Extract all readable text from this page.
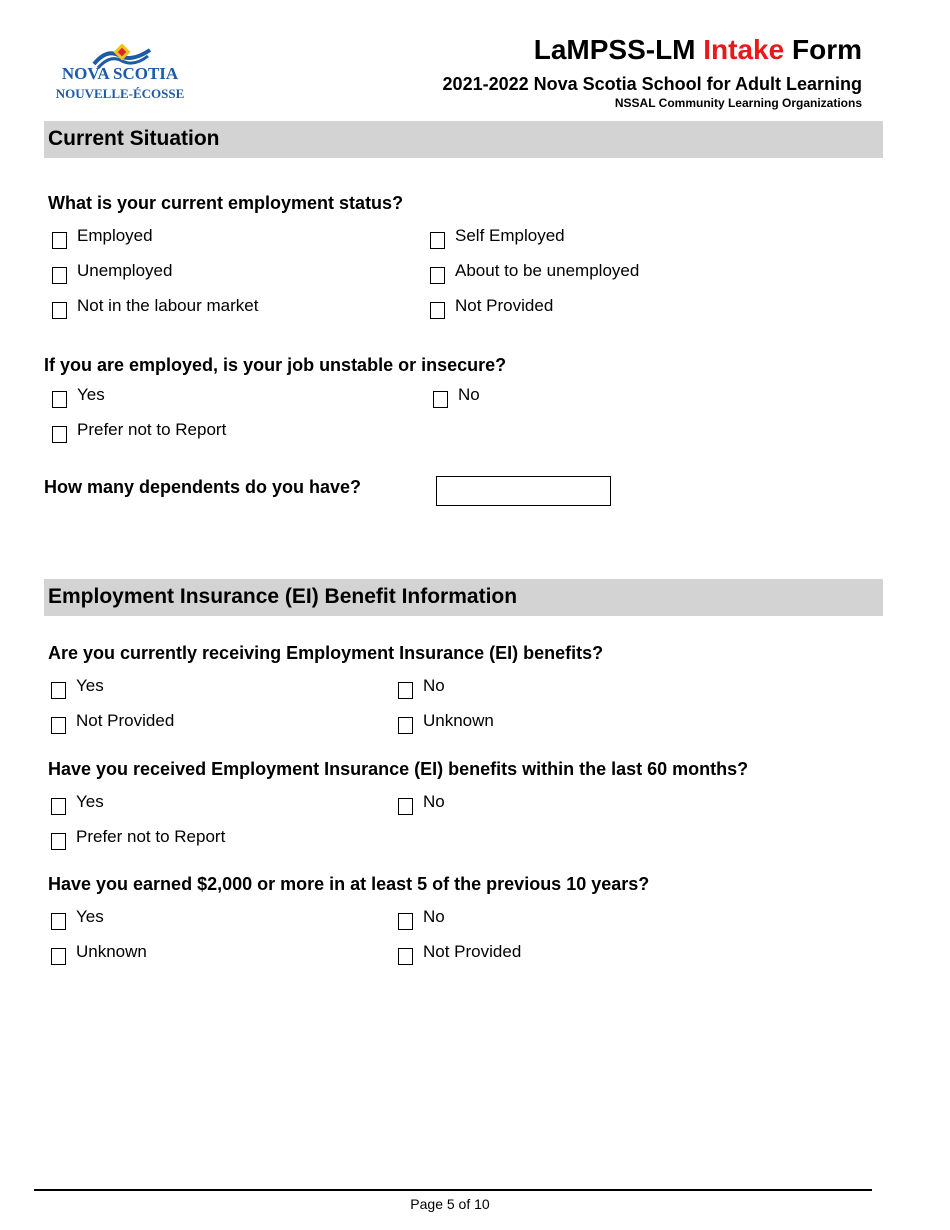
NOVA SCOTIA
NOUVELLE-ÉCOSSE
LaMPSS-LM Intake Form
2021-2022 Nova Scotia School for Adult Learning
NSSAL Community Learning Organizations
Current Situation
What is your current employment status?
Employed	Self Employed
Unemployed	About to be unemployed
Not in the labour market	Not Provided
If you are employed, is your job unstable or insecure?
Yes	No
Prefer not to Report
How many dependents do you have?
Employment Insurance (EI) Benefit Information
Are you currently receiving Employment Insurance (EI) benefits?
Yes	No
Not Provided	Unknown
Have you received Employment Insurance (EI) benefits within the last 60 months?
Yes	No
Prefer not to Report
Have you earned $2,000 or more in at least 5 of the previous 10 years?
Yes	No
Unknown	Not Provided
Page 5 of 10
